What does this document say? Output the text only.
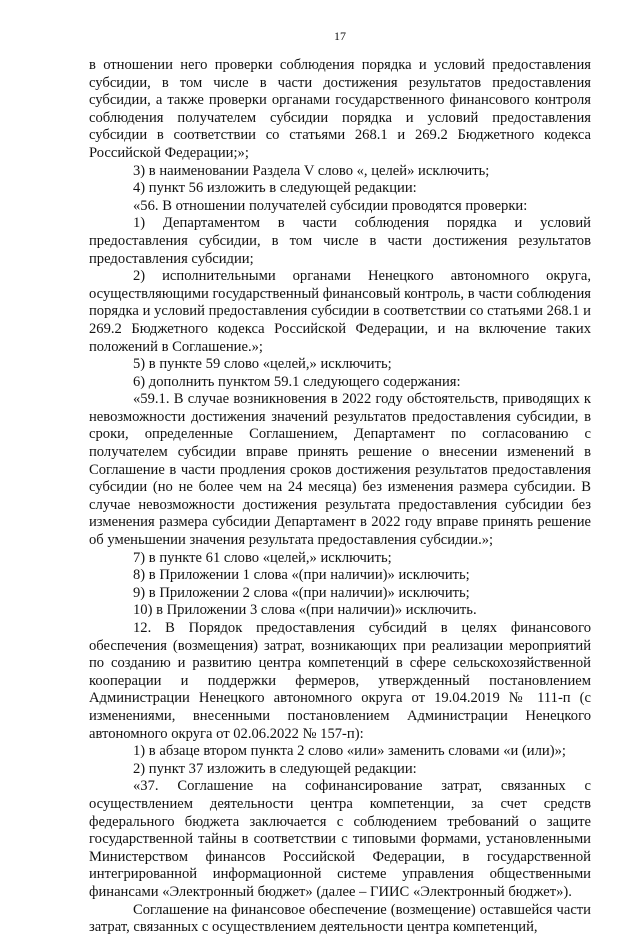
17

в отношении него проверки соблюдения порядка и условий предоставления субсидии, в том числе в части достижения результатов предоставления субсидии, а также проверки органами государственного финансового контроля соблюдения получателем субсидии порядка и условий предоставления субсидии в соответствии со статьями 268.1 и 269.2 Бюджетного кодекса Российской Федерации;»;

3) в наименовании Раздела V слово «, целей» исключить;

4) пункт 56 изложить в следующей редакции:

«56. В отношении получателей субсидии проводятся проверки:

1) Департаментом в части соблюдения порядка и условий предоставления субсидии, в том числе в части достижения результатов предоставления субсидии;

2) исполнительными органами Ненецкого автономного округа, осуществляющими государственный финансовый контроль, в части соблюдения порядка и условий предоставления субсидии в соответствии со статьями 268.1 и 269.2 Бюджетного кодекса Российской Федерации, и на включение таких положений в Соглашение.»;

5) в пункте 59 слово «целей,» исключить;

6) дополнить пунктом 59.1 следующего содержания:

«59.1. В случае возникновения в 2022 году обстоятельств, приводящих к невозможности достижения значений результатов предоставления субсидии, в сроки, определенные Соглашением, Департамент по согласованию с получателем субсидии вправе принять решение о внесении изменений в Соглашение в части продления сроков достижения результатов предоставления субсидии (но не более чем на 24 месяца) без изменения размера субсидии. В случае невозможности достижения результата предоставления субсидии без изменения размера субсидии Департамент в 2022 году вправе принять решение об уменьшении значения результата предоставления субсидии.»;

7) в пункте 61 слово «целей,» исключить;

8) в Приложении 1 слова «(при наличии)» исключить;

9) в Приложении 2 слова «(при наличии)» исключить;

10) в Приложении 3 слова «(при наличии)» исключить.

12. В Порядок предоставления субсидий в целях финансового обеспечения (возмещения) затрат, возникающих при реализации мероприятий по созданию и развитию центра компетенций в сфере сельскохозяйственной кооперации и поддержки фермеров, утвержденный постановлением Администрации Ненецкого автономного округа от 19.04.2019 № 111-п (с изменениями, внесенными постановлением Администрации Ненецкого автономного округа от 02.06.2022 № 157-п):

1) в абзаце втором пункта 2 слово «или» заменить словами «и (или)»;

2) пункт 37 изложить в следующей редакции:

«37. Соглашение на софинансирование затрат, связанных с осуществлением деятельности центра компетенции, за счет средств федерального бюджета заключается с соблюдением требований о защите государственной тайны в соответствии с типовыми формами, установленными Министерством финансов Российской Федерации, в государственной интегрированной информационной системе управления общественными финансами «Электронный бюджет» (далее – ГИИС «Электронный бюджет»).

Соглашение на финансовое обеспечение (возмещение) оставшейся части затрат, связанных с осуществлением деятельности центра компетенций,
